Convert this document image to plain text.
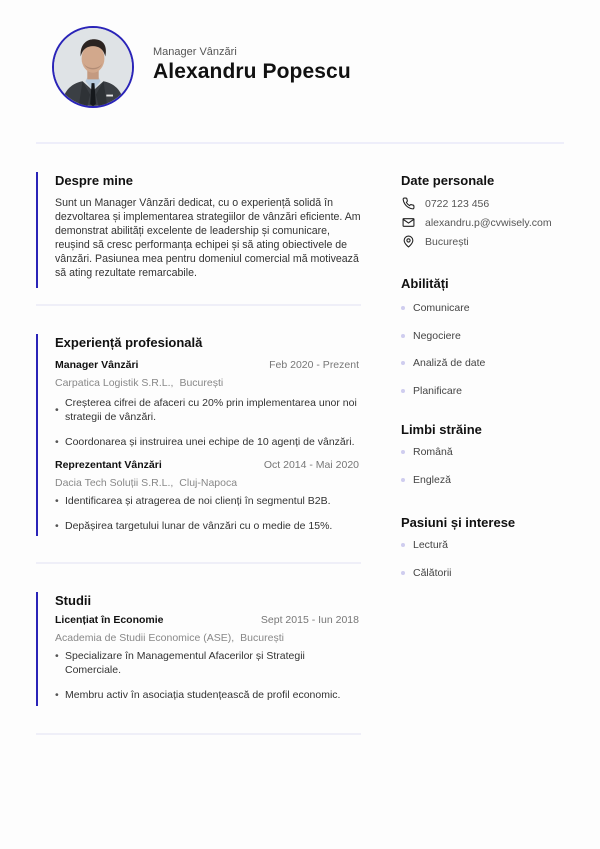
Manager Vânzări
Alexandru Popescu
Despre mine

Sunt un Manager Vânzări dedicat, cu o experiență solidă în dezvoltarea și implementarea strategiilor de vânzări eficiente. Am demonstrat abilități excelente de leadership și comunicare, reușind să cresc performanța echipei și să ating obiectivele de vânzări. Pasiunea mea pentru domeniul comercial mă motivează să ating rezultate remarcabile.

Experiență profesională
Manager Vânzări	Feb 2020 - Prezent
Carpatica Logistik S.R.L., București
• Creșterea cifrei de afaceri cu 20% prin implementarea unor noi strategii de vânzări.
• Coordonarea și instruirea unei echipe de 10 agenți de vânzări.
Reprezentant Vânzări	Oct 2014 - Mai 2020
Dacia Tech Soluții S.R.L., Cluj-Napoca
• Identificarea și atragerea de noi clienți în segmentul B2B.
• Depășirea targetului lunar de vânzări cu o medie de 15%.
Studii
Licențiat în Economie	Sept 2015 - Iun 2018
Academia de Studii Economice (ASE), București
• Specializare în Managementul Afacerilor și Strategii Comerciale.
• Membru activ în asociația studențească de profil economic.
Date personale
0722 123 456
alexandru.p@cvwisely.com
București
Abilități
Comunicare
Negociere
Analiză de date
Planificare
Limbi străine
Română
Engleză
Pasiuni și interese
Lectură
Călătorii
